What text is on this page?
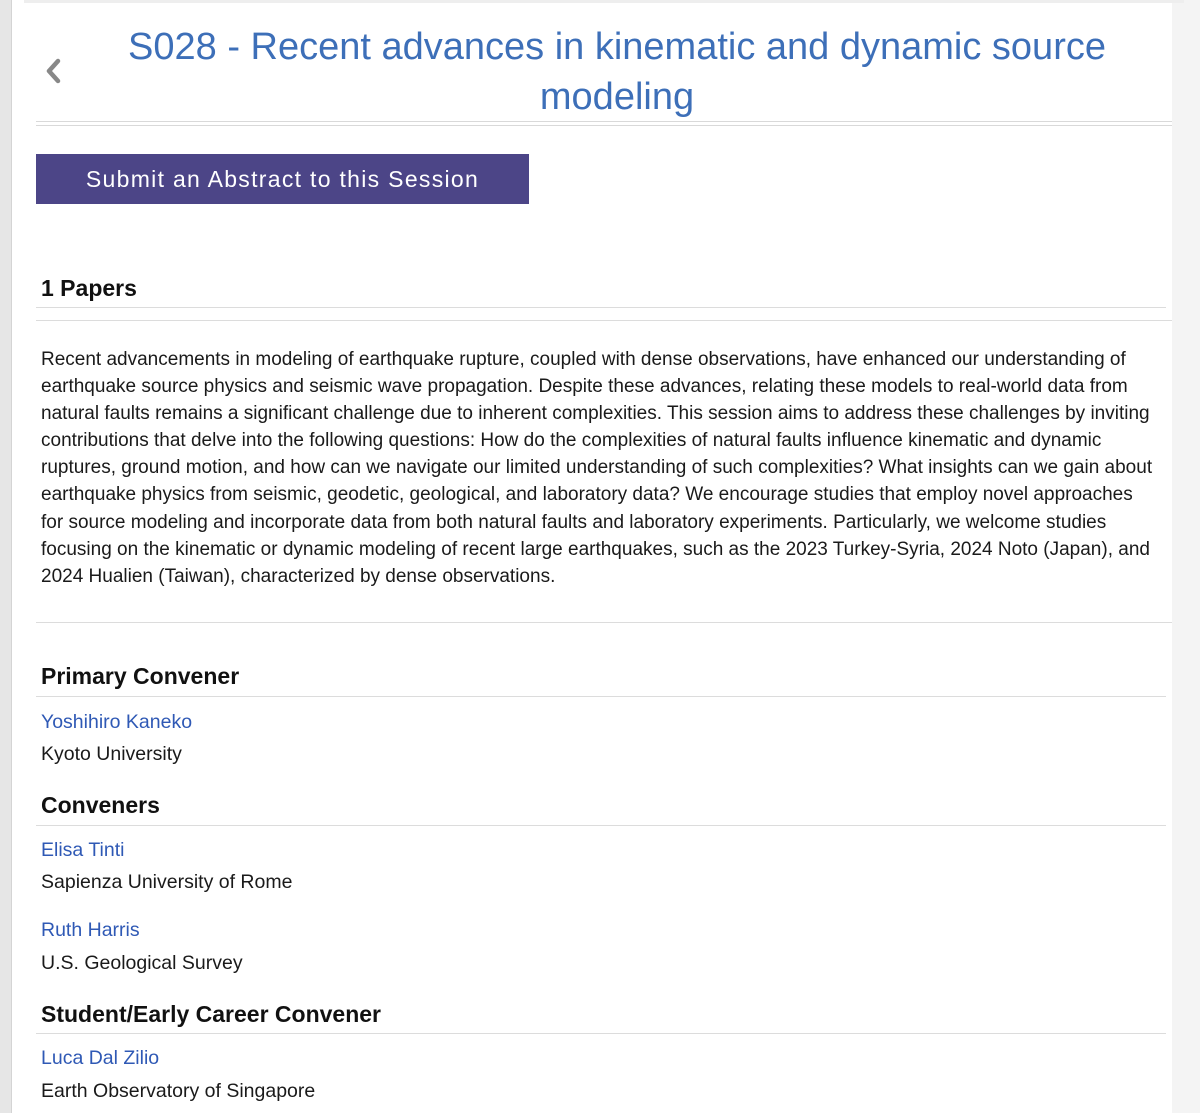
S028 - Recent advances in kinematic and dynamic source modeling
Submit an Abstract to this Session
1 Papers

Recent advancements in modeling of earthquake rupture, coupled with dense observations, have enhanced our understanding of earthquake source physics and seismic wave propagation. Despite these advances, relating these models to real-world data from natural faults remains a significant challenge due to inherent complexities. This session aims to address these challenges by inviting contributions that delve into the following questions: How do the complexities of natural faults influence kinematic and dynamic ruptures, ground motion, and how can we navigate our limited understanding of such complexities? What insights can we gain about earthquake physics from seismic, geodetic, geological, and laboratory data? We encourage studies that employ novel approaches for source modeling and incorporate data from both natural faults and laboratory experiments. Particularly, we welcome studies focusing on the kinematic or dynamic modeling of recent large earthquakes, such as the 2023 Turkey-Syria, 2024 Noto (Japan), and 2024 Hualien (Taiwan), characterized by dense observations.

Primary Convener
Yoshihiro Kaneko
Kyoto University
Conveners
Elisa Tinti
Sapienza University of Rome
Ruth Harris
U.S. Geological Survey
Student/Early Career Convener
Luca Dal Zilio
Earth Observatory of Singapore
